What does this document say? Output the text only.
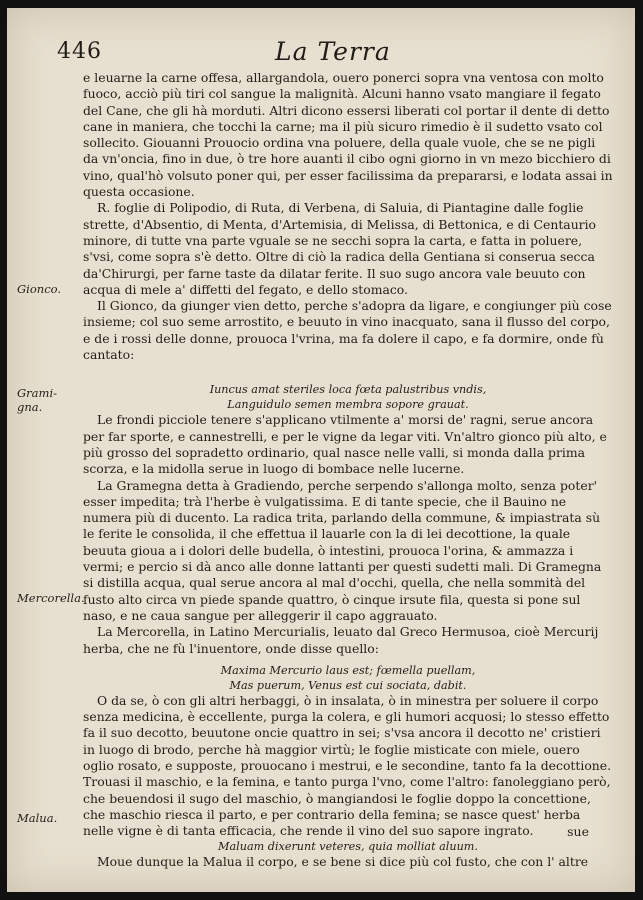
446	La Terra
Gionco.
Grami-gna.
Mercorella.
Malua.

e leuarne la carne offesa, allargandola, ouero ponerci sopra vna ventosa con molto fuoco, acciò più tiri col sangue la malignità. Alcuni hanno vsato mangiare il fegato del Cane, che gli hà morduti. Altri dicono essersi liberati col portar il dente di detto cane in maniera, che tocchi la carne; ma il più sicuro rimedio è il sudetto vsato col sollecito. Giouanni Prouocio ordina vna poluere, della quale vuole, che se ne pigli da vn'oncia, fino in due, ò tre hore auanti il cibo ogni giorno in vn mezo bicchiero di vino, qual'hò volsuto poner qui, per esser facilissima da prepararsi, e lodata assai in questa occasione.

R. foglie di Polipodio, di Ruta, di Verbena, di Saluia, di Piantagine dalle foglie strette, d'Absentio, di Menta, d'Artemisia, di Melissa, di Bettonica, e di Centaurio minore, di tutte vna parte vguale se ne secchi sopra la carta, e fatta in poluere, s'vsi, come sopra s'è detto. Oltre di ciò la radica della Gentiana si conserua secca da'Chirurgi, per farne taste da dilatar ferite. Il suo sugo ancora vale beuuto con acqua di mele a' diffetti del fegato, e dello stomaco.

Il Gionco, da giunger vien detto, perche s'adopra da ligare, e congiunger più cose insieme; col suo seme arrostito, e beuuto in vino inacquato, sana il flusso del corpo, e de i rossi delle donne, prouoca l'vrina, ma fa dolere il capo, e fa dormire, onde fù cantato:

Iuncus amat steriles loca fœta palustribus vndis,

Languidulo semen membra sopore grauat.

Le frondi picciole tenere s'applicano vtilmente a' morsi de' ragni, serue ancora per far sporte, e cannestrelli, e per le vigne da legar viti. Vn'altro gionco più alto, e più grosso del sopradetto ordinario, qual nasce nelle valli, si monda dalla prima scorza, e la midolla serue in luogo di bombace nelle lucerne.

La Gramegna detta à Gradiendo, perche serpendo s'allonga molto, senza poter' esser impedita; trà l'herbe è vulgatissima. E di tante specie, che il Bauino ne numera più di ducento. La radica trita, parlando della commune, & impiastrata sù le ferite le consolida, il che effettua il lauarle con la di lei decottione, la quale beuuta gioua a i dolori delle budella, ò intestini, prouoca l'orina, & ammazza i vermi; e percio si dà anco alle donne lattanti per questi sudetti mali. Di Gramegna si distilla acqua, qual serue ancora al mal d'occhi, quella, che nella sommità del fusto alto circa vn piede spande quattro, ò cinque irsute fila, questa si pone sul naso, e ne caua sangue per alleggerir il capo aggrauato.

La Mercorella, in Latino Mercurialis, leuato dal Greco Hermusoa, cioè Mercurij herba, che ne fù l'inuentore, onde disse quello:

Maxima Mercurio laus est; fœmella puellam,

Mas puerum, Venus est cui sociata, dabit.

O da se, ò con gli altri herbaggi, ò in insalata, ò in minestra per soluere il corpo senza medicina, è eccellente, purga la colera, e gli humori acquosi; lo stesso effetto fa il suo decotto, beuutone oncie quattro in sei; s'vsa ancora il decotto ne' cristieri in luogo di brodo, perche hà maggior virtù; le foglie misticate con miele, ouero oglio rosato, e supposte, prouocano i mestrui, e le secondine, tanto fa la decottione. Trouasi il maschio, e la femina, e tanto purga l'vno, come l'altro: fanoleggiano però, che beuendosi il sugo del maschio, ò mangiandosi le foglie doppo la concettione, che maschio riesca il parto, e per contrario della femina; se nasce quest' herba nelle vigne è di tanta efficacia, che rende il vino del suo sapore ingrato.

Maluam dixerunt veteres, quia molliat aluum.

Moue dunque la Malua il corpo, e se bene si dice più col fusto, che con l' altre

sue
